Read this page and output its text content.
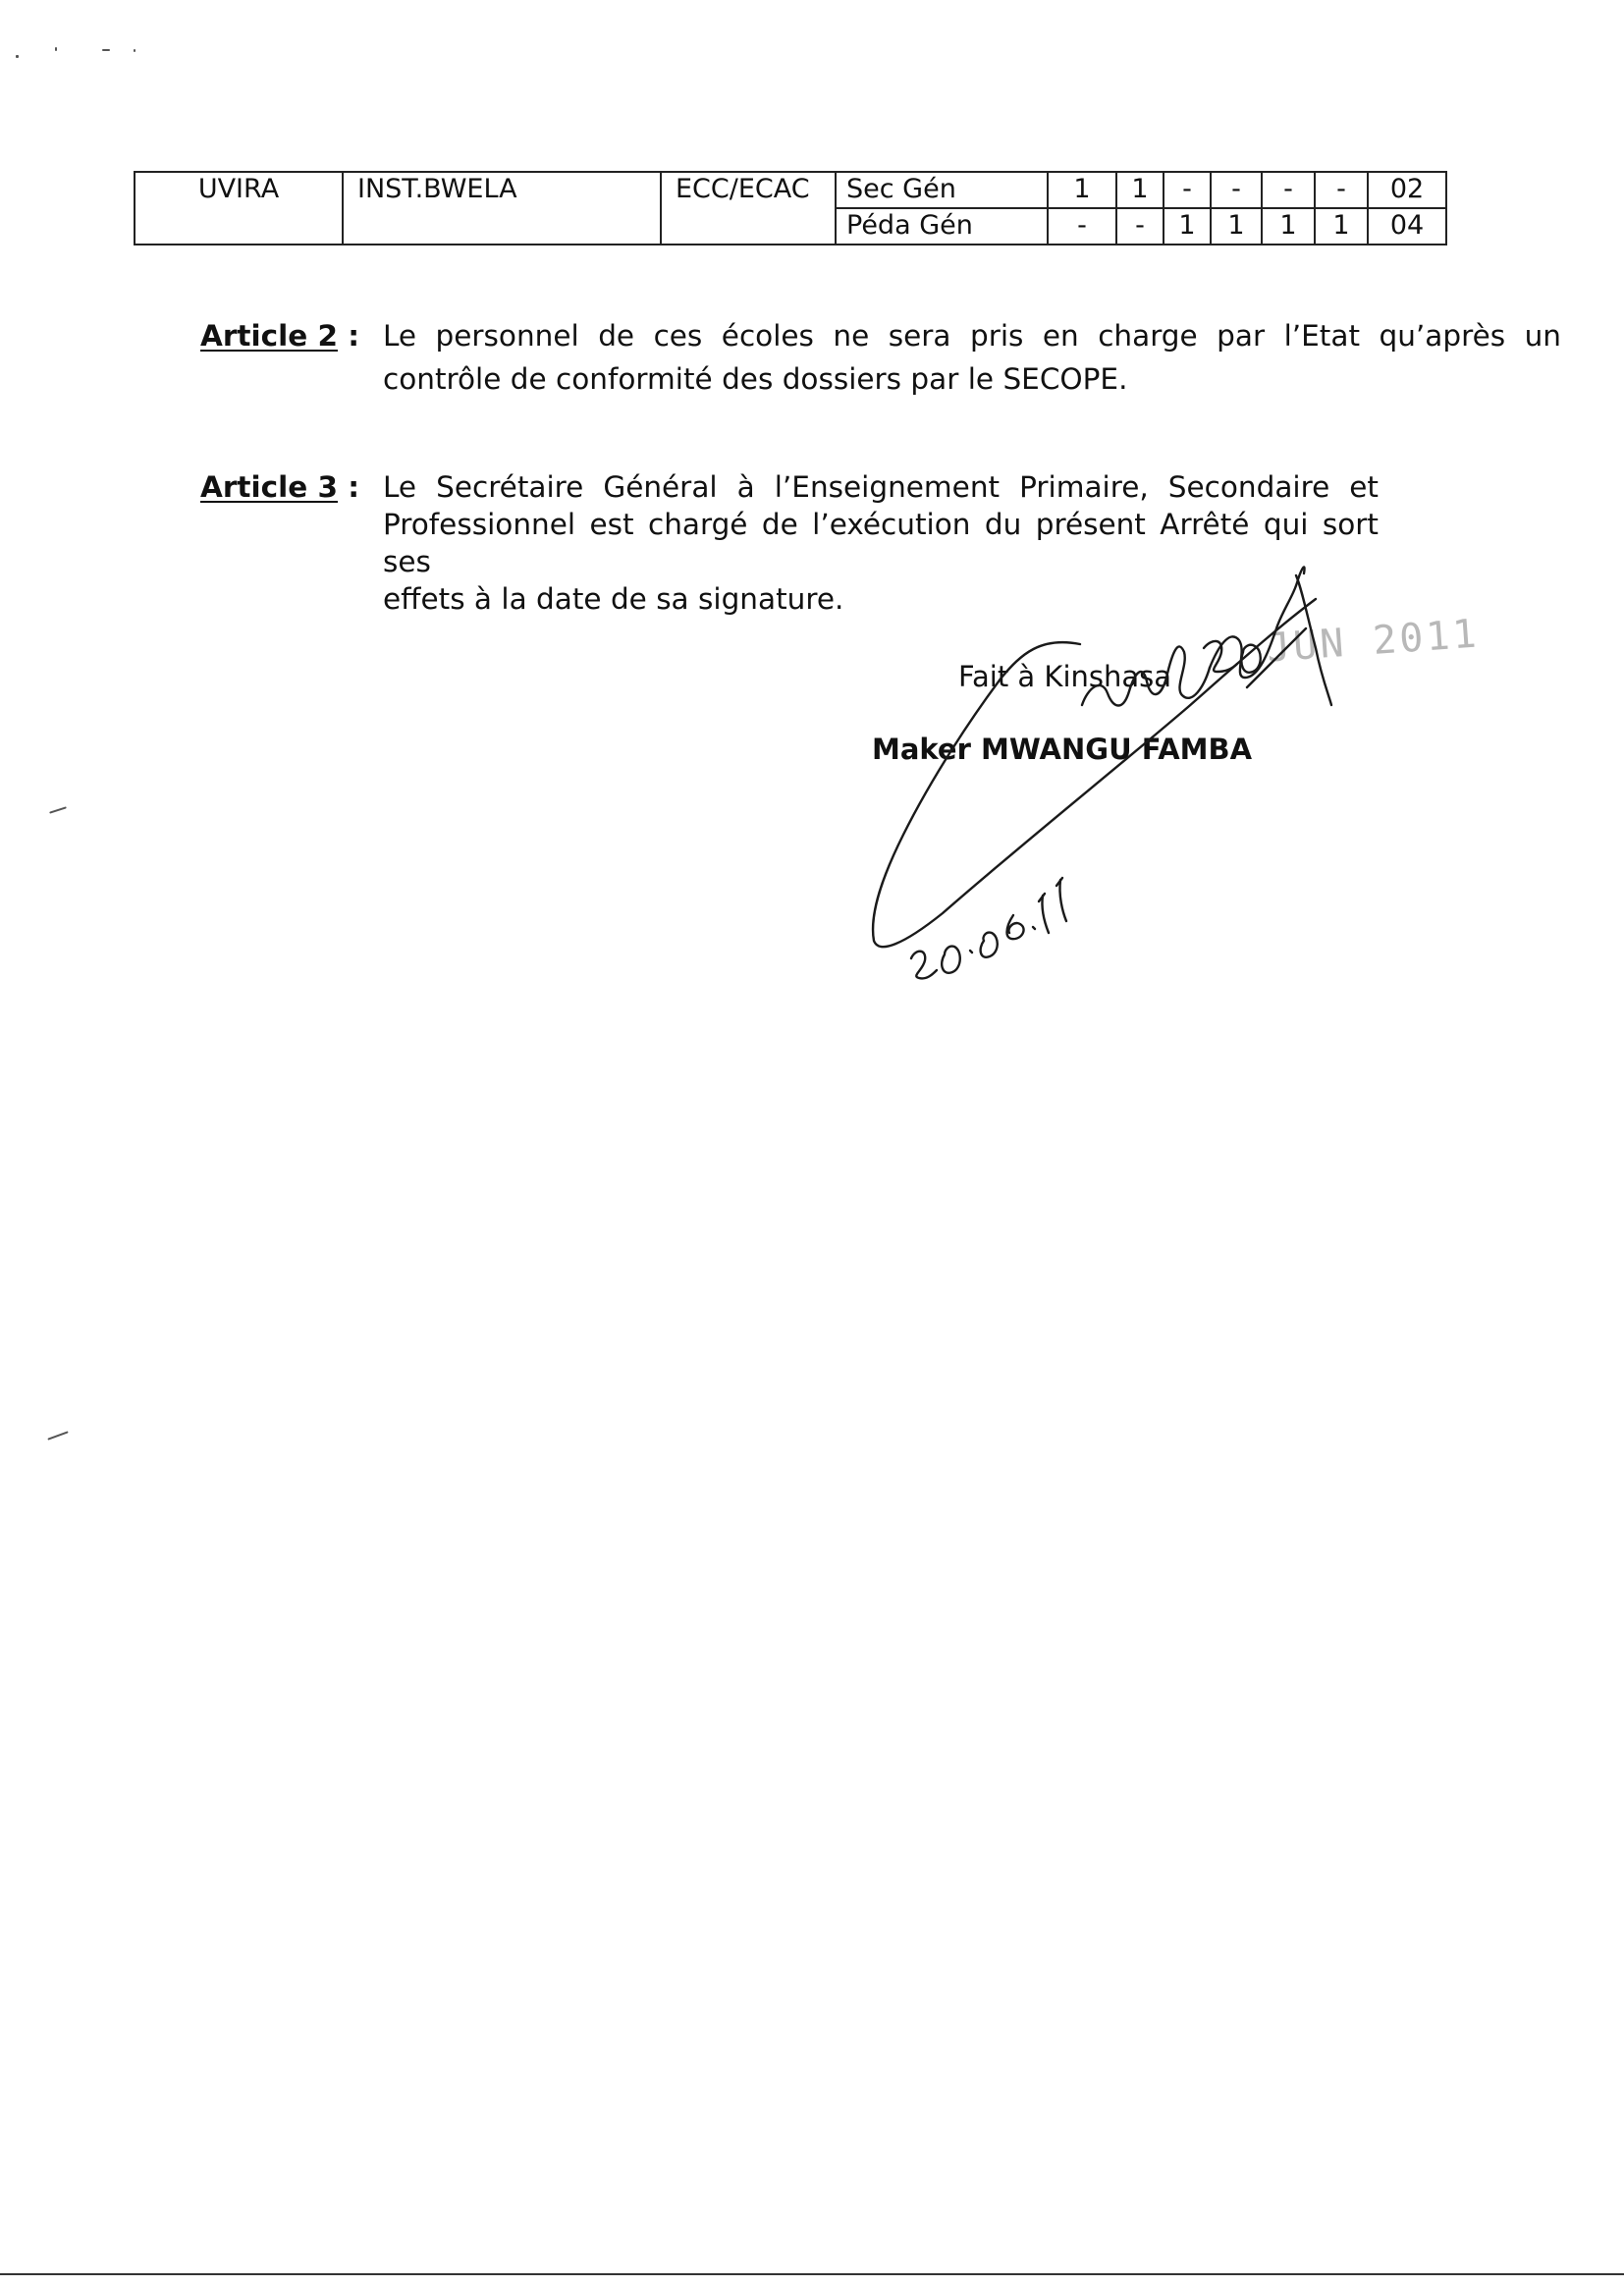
UVIRA	INST.BWELA	ECC/ECAC	Sec Gén	1	1	-	-	-	-	02
			Péda Gén	-	-	1	1	1	1	04
Article 2 : Le personnel de ces écoles ne sera pris en charge par l’Etat qu’après un
contrôle de conformité des dossiers par le SECOPE.
Article 3 : Le Secrétaire Général à l’Enseignement Primaire, Secondaire et
Professionnel est chargé de l’exécution du présent Arrêté qui sort ses
effets à la date de sa signature.
JUN 2011
Fait à Kinshasa
Maker MWANGU FAMBA
